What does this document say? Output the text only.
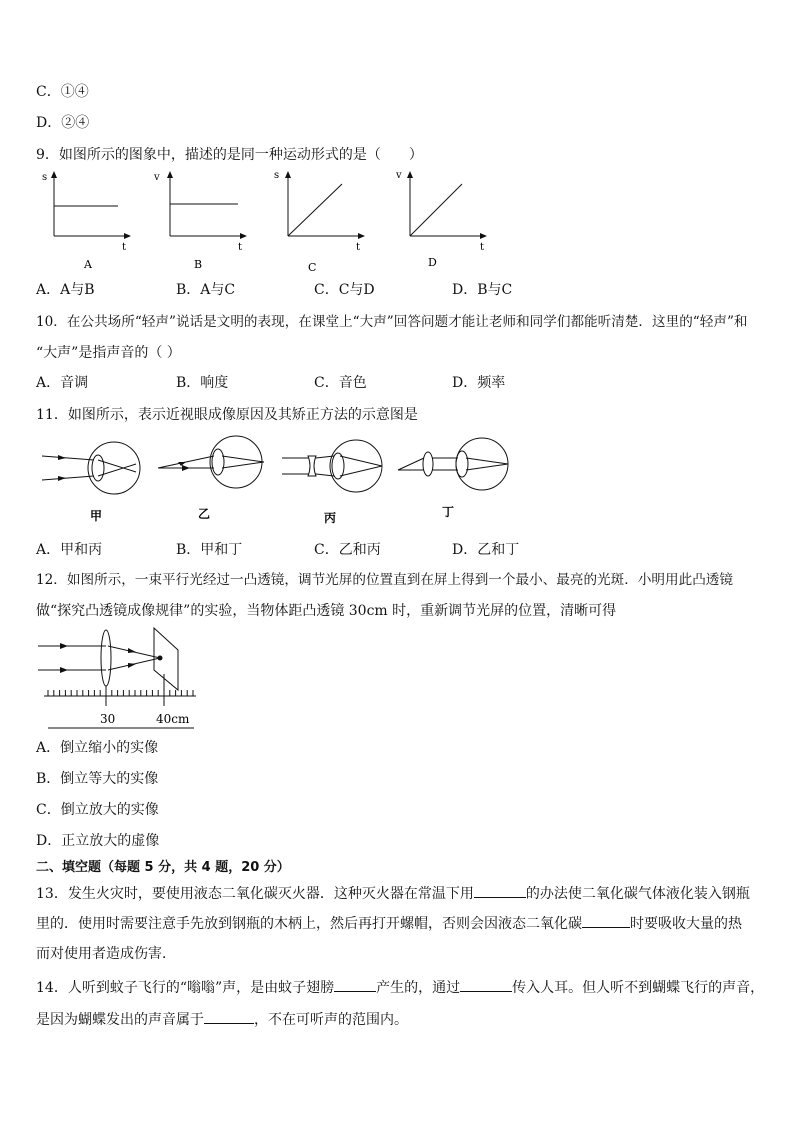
C．①④
D．②④
9．如图所示的图象中，描述的是同一种运动形式的是（　　）
s
t
A
v
t
B
s
t
C
v
t
D
A．A与B	B．A与C	C．C与D	D．B与C
10．在公共场所“轻声”说话是文明的表现，在课堂上“大声”回答问题才能让老师和同学们都能听清楚．这里的“轻声”和
“大声”是指声音的（ ）
A．音调	B．响度	C．音色	D．频率
11．如图所示，表示近视眼成像原因及其矫正方法的示意图是
甲	乙	丙	丁
A．甲和丙	B．甲和丁	C．乙和丙	D．乙和丁
12．如图所示，一束平行光经过一凸透镜，调节光屏的位置直到在屏上得到一个最小、最亮的光斑．小明用此凸透镜
做“探究凸透镜成像规律”的实验，当物体距凸透镜 30cm 时，重新调节光屏的位置，清晰可得
30	40cm
A．倒立缩小的实像
B．倒立等大的实像
C．倒立放大的实像
D．正立放大的虚像
二、填空题（每题 5 分，共 4 题，20 分）
13．发生火灾时，要使用液态二氧化碳灭火器．这种灭火器在常温下用	的办法使二氧化碳气体液化装入钢瓶
里的．使用时需要注意手先放到钢瓶的木柄上，然后再打开螺帽，否则会因液态二氧化碳	时要吸收大量的热
而对使用者造成伤害．
14．人听到蚊子飞行的“嗡嗡”声，是由蚊子翅膀	产生的，通过	传入人耳。但人听不到蝴蝶飞行的声音，
是因为蝴蝶发出的声音属于	，不在可听声的范围内。
